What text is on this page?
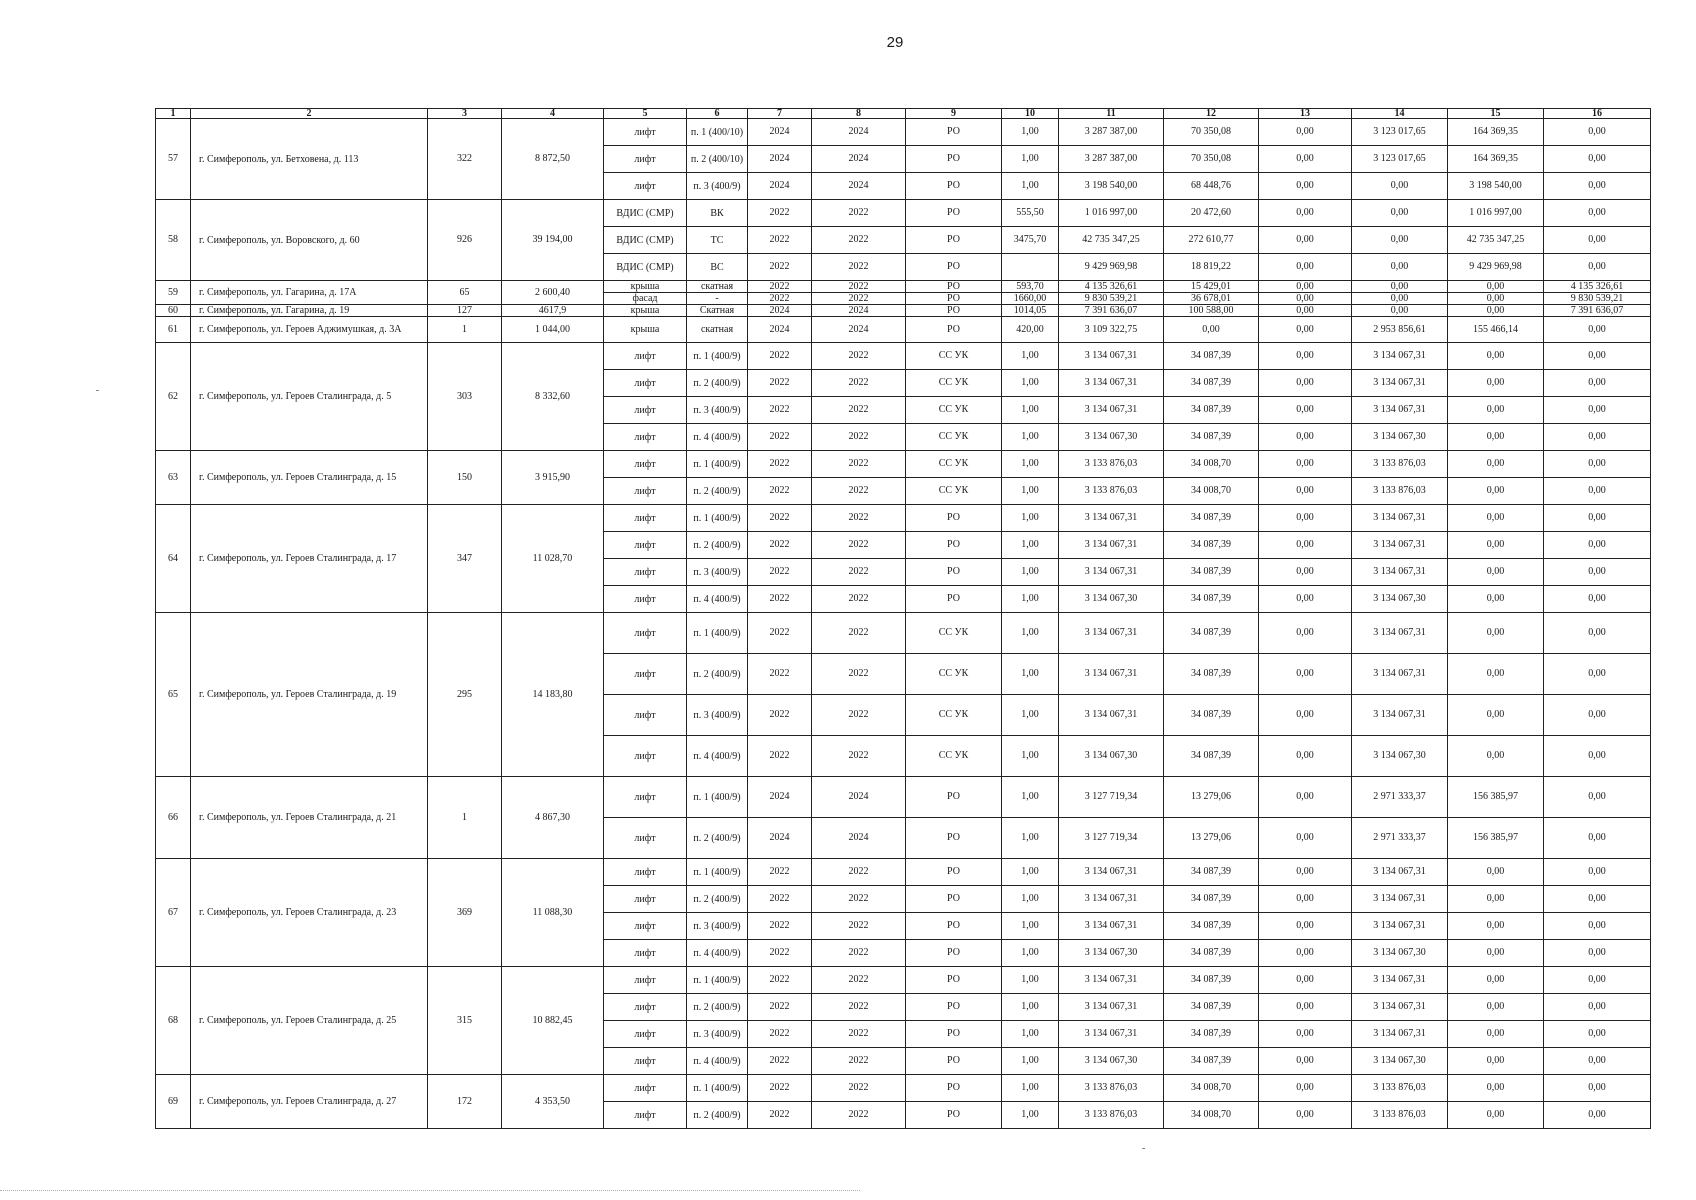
29
1	2	3	4	5	6	7	8	9	10	11	12	13	14	15	16
57	г. Симферополь, ул. Бетховена, д. 113	322	8 872,50	лифт	п. 1 (400/10)	2024	2024	РО	1,00	3 287 387,00	70 350,08	0,00	3 123 017,65	164 369,35	0,00
				лифт	п. 2 (400/10)	2024	2024	РО	1,00	3 287 387,00	70 350,08	0,00	3 123 017,65	164 369,35	0,00
				лифт	п. 3 (400/9)	2024	2024	РО	1,00	3 198 540,00	68 448,76	0,00	0,00	3 198 540,00	0,00
58	г. Симферополь, ул. Воровского, д. 60	926	39 194,00	ВДИС (СМР)	ВК	2022	2022	РО	555,50	1 016 997,00	20 472,60	0,00	0,00	1 016 997,00	0,00
				ВДИС (СМР)	ТС	2022	2022	РО	3475,70	42 735 347,25	272 610,77	0,00	0,00	42 735 347,25	0,00
				ВДИС (СМР)	ВС	2022	2022	РО		9 429 969,98	18 819,22	0,00	0,00	9 429 969,98	0,00
59	г. Симферополь, ул. Гагарина, д. 17А	65	2 600,40	крыша	скатная	2022	2022	РО	593,70	4 135 326,61	15 429,01	0,00	0,00	0,00	4 135 326,61
				фасад	-	2022	2022	РО	1660,00	9 830 539,21	36 678,01	0,00	0,00	0,00	9 830 539,21
60	г. Симферополь, ул. Гагарина, д. 19	127	4617,9	крыша	Скатная	2024	2024	РО	1014,05	7 391 636,07	100 588,00	0,00	0,00	0,00	7 391 636,07
61	г. Симферополь, ул. Героев Аджимушкая, д. 3А	1	1 044,00	крыша	скатная	2024	2024	РО	420,00	3 109 322,75	0,00	0,00	2 953 856,61	155 466,14	0,00
62	г. Симферополь, ул. Героев Сталинграда, д. 5	303	8 332,60	лифт	п. 1 (400/9)	2022	2022	СС УК	1,00	3 134 067,31	34 087,39	0,00	3 134 067,31	0,00	0,00
				лифт	п. 2 (400/9)	2022	2022	СС УК	1,00	3 134 067,31	34 087,39	0,00	3 134 067,31	0,00	0,00
				лифт	п. 3 (400/9)	2022	2022	СС УК	1,00	3 134 067,31	34 087,39	0,00	3 134 067,31	0,00	0,00
				лифт	п. 4 (400/9)	2022	2022	СС УК	1,00	3 134 067,30	34 087,39	0,00	3 134 067,30	0,00	0,00
63	г. Симферополь, ул. Героев Сталинграда, д. 15	150	3 915,90	лифт	п. 1 (400/9)	2022	2022	СС УК	1,00	3 133 876,03	34 008,70	0,00	3 133 876,03	0,00	0,00
				лифт	п. 2 (400/9)	2022	2022	СС УК	1,00	3 133 876,03	34 008,70	0,00	3 133 876,03	0,00	0,00
64	г. Симферополь, ул. Героев Сталинграда, д. 17	347	11 028,70	лифт	п. 1 (400/9)	2022	2022	РО	1,00	3 134 067,31	34 087,39	0,00	3 134 067,31	0,00	0,00
				лифт	п. 2 (400/9)	2022	2022	РО	1,00	3 134 067,31	34 087,39	0,00	3 134 067,31	0,00	0,00
				лифт	п. 3 (400/9)	2022	2022	РО	1,00	3 134 067,31	34 087,39	0,00	3 134 067,31	0,00	0,00
				лифт	п. 4 (400/9)	2022	2022	РО	1,00	3 134 067,30	34 087,39	0,00	3 134 067,30	0,00	0,00
65	г. Симферополь, ул. Героев Сталинграда, д. 19	295	14 183,80	лифт	п. 1 (400/9)	2022	2022	СС УК	1,00	3 134 067,31	34 087,39	0,00	3 134 067,31	0,00	0,00
				лифт	п. 2 (400/9)	2022	2022	СС УК	1,00	3 134 067,31	34 087,39	0,00	3 134 067,31	0,00	0,00
				лифт	п. 3 (400/9)	2022	2022	СС УК	1,00	3 134 067,31	34 087,39	0,00	3 134 067,31	0,00	0,00
				лифт	п. 4 (400/9)	2022	2022	СС УК	1,00	3 134 067,30	34 087,39	0,00	3 134 067,30	0,00	0,00
66	г. Симферополь, ул. Героев Сталинграда, д. 21	1	4 867,30	лифт	п. 1 (400/9)	2024	2024	РО	1,00	3 127 719,34	13 279,06	0,00	2 971 333,37	156 385,97	0,00
				лифт	п. 2 (400/9)	2024	2024	РО	1,00	3 127 719,34	13 279,06	0,00	2 971 333,37	156 385,97	0,00
67	г. Симферополь, ул. Героев Сталинграда, д. 23	369	11 088,30	лифт	п. 1 (400/9)	2022	2022	РО	1,00	3 134 067,31	34 087,39	0,00	3 134 067,31	0,00	0,00
				лифт	п. 2 (400/9)	2022	2022	РО	1,00	3 134 067,31	34 087,39	0,00	3 134 067,31	0,00	0,00
				лифт	п. 3 (400/9)	2022	2022	РО	1,00	3 134 067,31	34 087,39	0,00	3 134 067,31	0,00	0,00
				лифт	п. 4 (400/9)	2022	2022	РО	1,00	3 134 067,30	34 087,39	0,00	3 134 067,30	0,00	0,00
68	г. Симферополь, ул. Героев Сталинграда, д. 25	315	10 882,45	лифт	п. 1 (400/9)	2022	2022	РО	1,00	3 134 067,31	34 087,39	0,00	3 134 067,31	0,00	0,00
				лифт	п. 2 (400/9)	2022	2022	РО	1,00	3 134 067,31	34 087,39	0,00	3 134 067,31	0,00	0,00
				лифт	п. 3 (400/9)	2022	2022	РО	1,00	3 134 067,31	34 087,39	0,00	3 134 067,31	0,00	0,00
				лифт	п. 4 (400/9)	2022	2022	РО	1,00	3 134 067,30	34 087,39	0,00	3 134 067,30	0,00	0,00
69	г. Симферополь, ул. Героев Сталинграда, д. 27	172	4 353,50	лифт	п. 1 (400/9)	2022	2022	РО	1,00	3 133 876,03	34 008,70	0,00	3 133 876,03	0,00	0,00
				лифт	п. 2 (400/9)	2022	2022	РО	1,00	3 133 876,03	34 008,70	0,00	3 133 876,03	0,00	0,00
